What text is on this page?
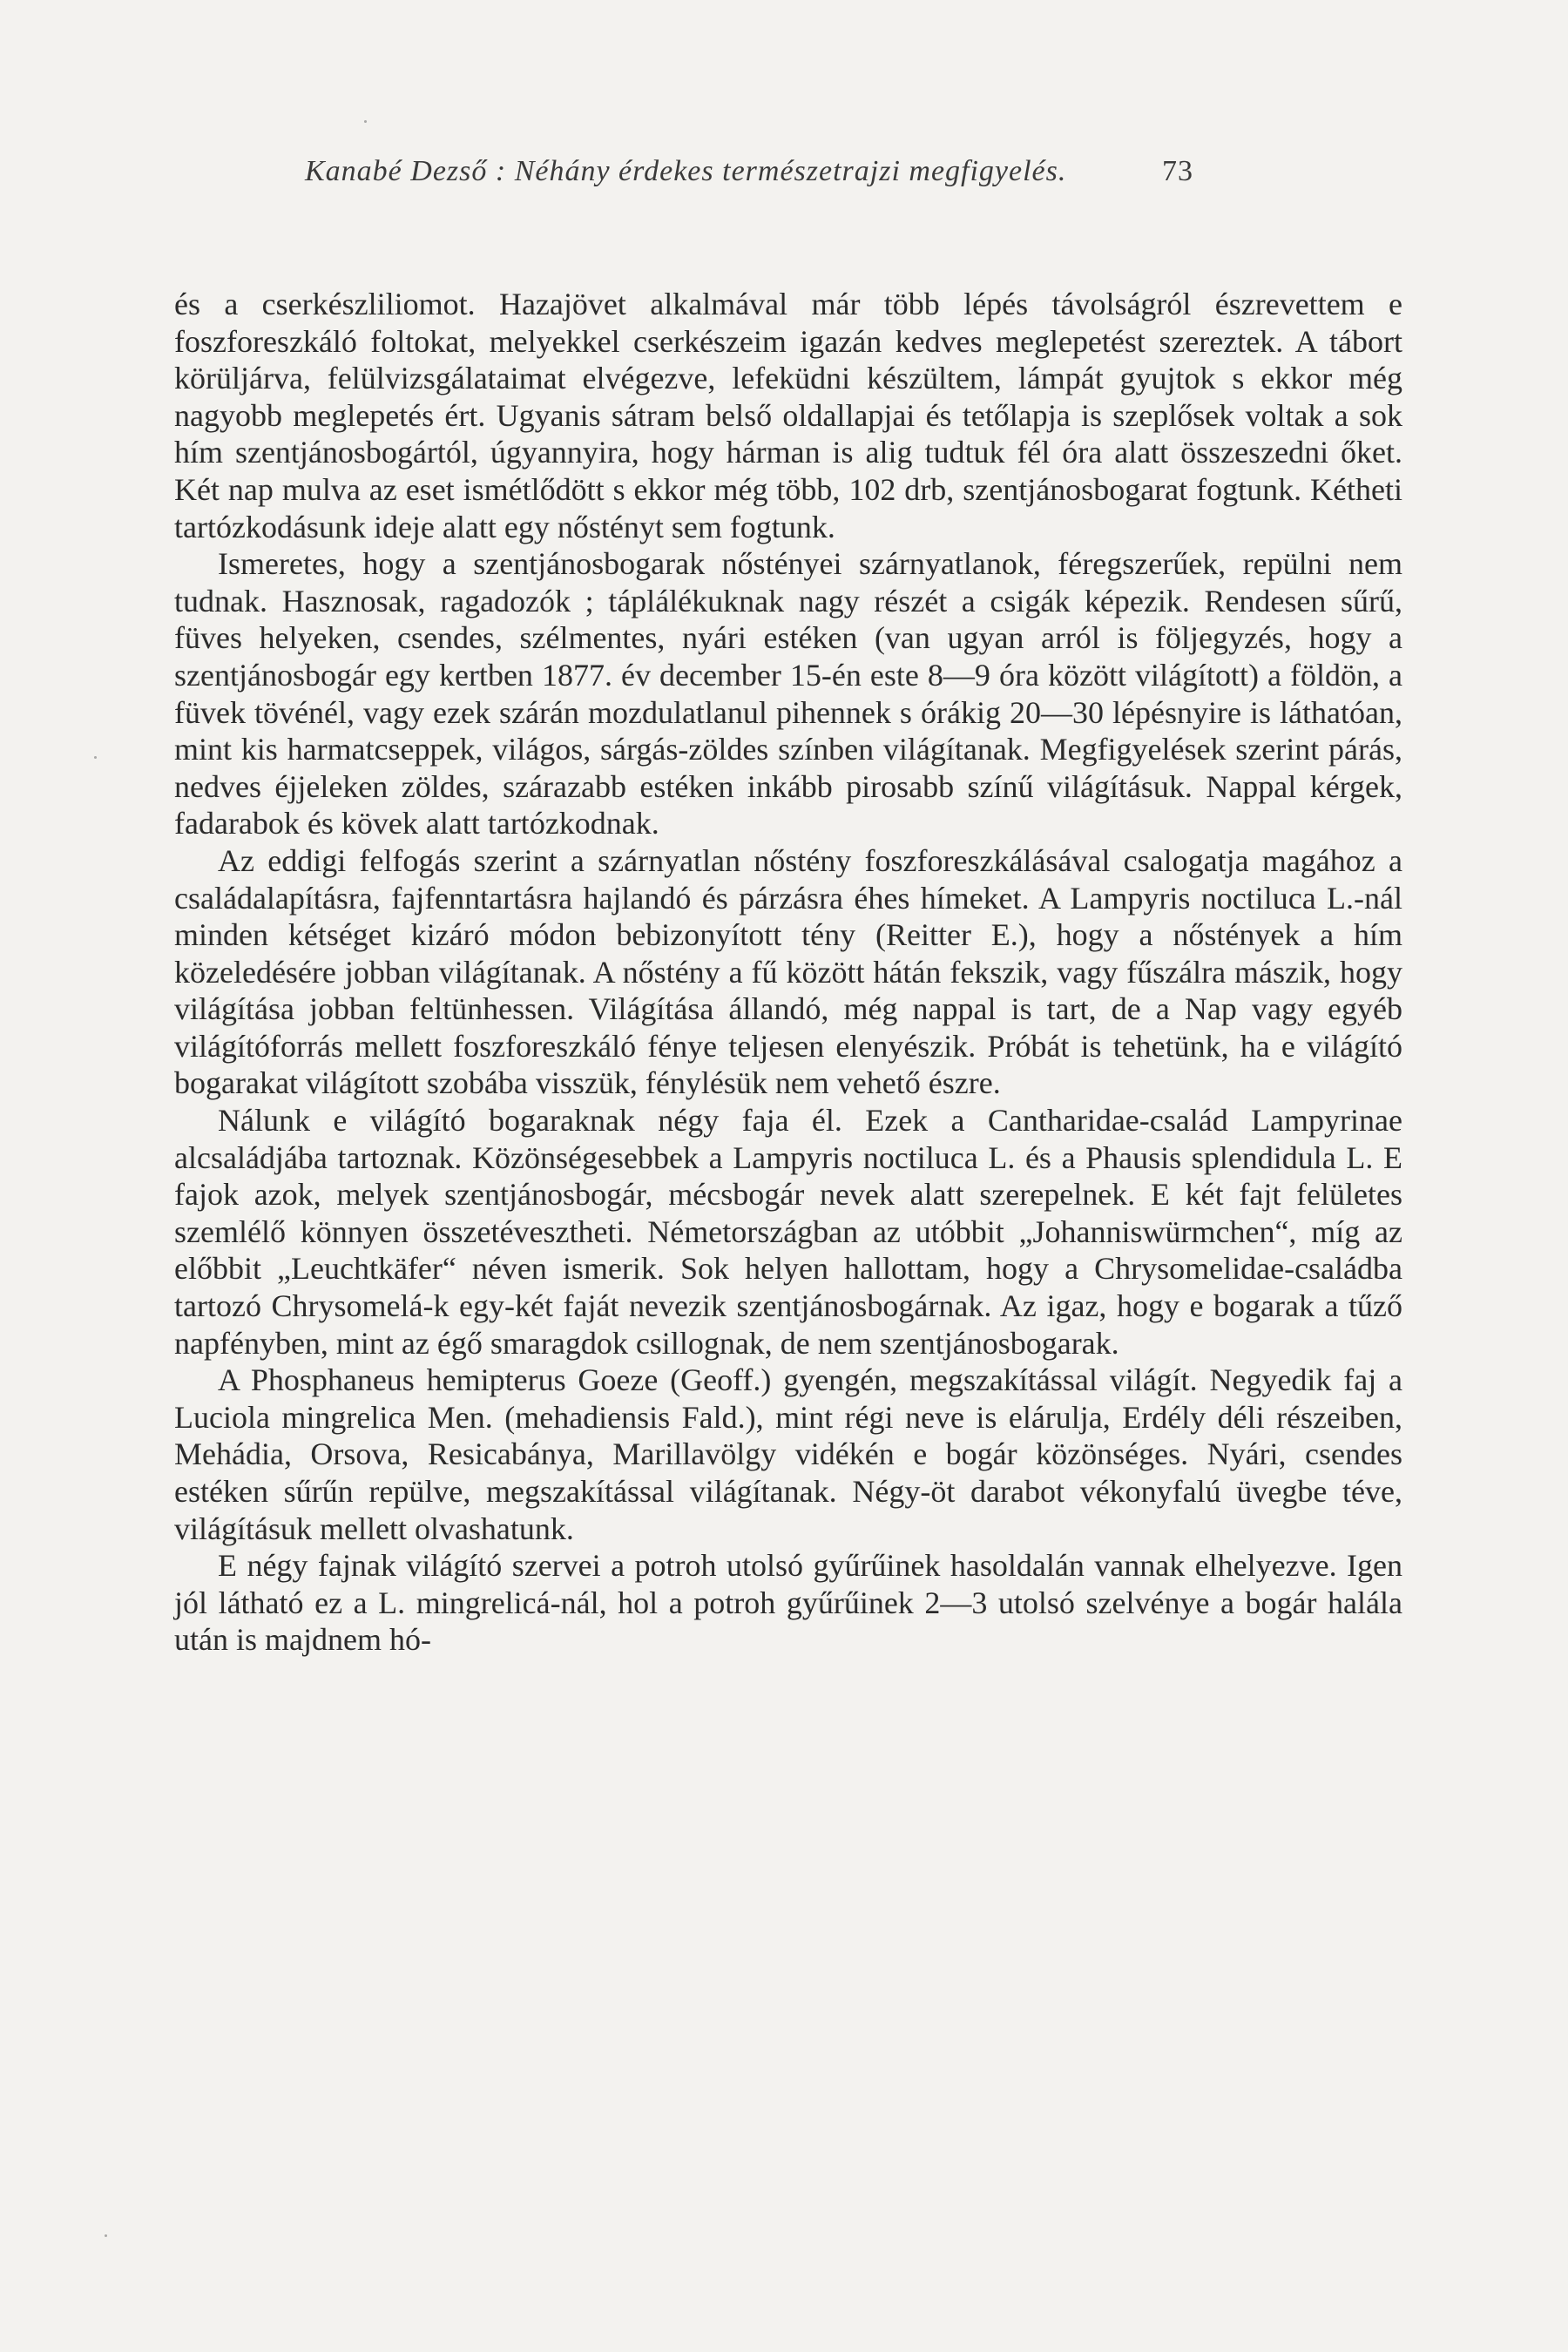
Kanabé Dezső : Néhány érdekes természetrajzi megfigyelés.	73

és a cserkészliliomot. Hazajövet alkalmával már több lépés távolságról észrevettem e foszforeszkáló foltokat, melyekkel cserkészeim igazán kedves meglepetést szereztek. A tábort körüljárva, felülvizsgálataimat elvégezve, lefeküdni készültem, lámpát gyujtok s ekkor még nagyobb meglepetés ért. Ugyanis sátram belső oldallapjai és tetőlapja is szeplősek voltak a sok hím szentjánosbogártól, úgyannyira, hogy hárman is alig tudtuk fél óra alatt összeszedni őket. Két nap mulva az eset ismétlődött s ekkor még több, 102 drb, szentjánosbogarat fogtunk. Kétheti tartózkodásunk ideje alatt egy nőstényt sem fogtunk.

Ismeretes, hogy a szentjánosbogarak nőstényei szárnyatlanok, féregszerűek, repülni nem tudnak. Hasznosak, ragadozók ; táplálékuknak nagy részét a csigák képezik. Rendesen sűrű, füves helyeken, csendes, szélmentes, nyári estéken (van ugyan arról is följegyzés, hogy a szentjánosbogár egy kertben 1877. év december 15-én este 8—9 óra között világított) a földön, a füvek tövénél, vagy ezek szárán mozdulatlanul pihennek s órákig 20—30 lépésnyire is láthatóan, mint kis harmatcseppek, világos, sárgás-zöldes színben világítanak. Megfigyelések szerint párás, nedves éjjeleken zöldes, szárazabb estéken inkább pirosabb színű világításuk. Nappal kérgek, fadarabok és kövek alatt tartózkodnak.

Az eddigi felfogás szerint a szárnyatlan nőstény foszforeszkálásával csalogatja magához a családalapításra, fajfenntartásra hajlandó és párzásra éhes hímeket. A Lampyris noctiluca L.-nál minden kétséget kizáró módon bebizonyított tény (Reitter E.), hogy a nőstények a hím közeledésére jobban világítanak. A nőstény a fű között hátán fekszik, vagy fűszálra mászik, hogy világítása jobban feltünhessen. Világítása állandó, még nappal is tart, de a Nap vagy egyéb világítóforrás mellett foszforeszkáló fénye teljesen elenyészik. Próbát is tehetünk, ha e világító bogarakat világított szobába visszük, fénylésük nem vehető észre.

Nálunk e világító bogaraknak négy faja él. Ezek a Cantharidae-család Lampyrinae alcsaládjába tartoznak. Közönségesebbek a Lampyris noctiluca L. és a Phausis splendidula L. E fajok azok, melyek szentjánosbogár, mécsbogár nevek alatt szerepelnek. E két fajt felületes szemlélő könnyen összetévesztheti. Németországban az utóbbit „Johanniswürmchen“, míg az előbbit „Leuchtkäfer“ néven ismerik. Sok helyen hallottam, hogy a Chrysomelidae-családba tartozó Chrysomelá-k egy-két faját nevezik szentjánosbogárnak. Az igaz, hogy e bogarak a tűző napfényben, mint az égő smaragdok csillognak, de nem szentjánosbogarak.

A Phosphaneus hemipterus Goeze (Geoff.) gyengén, megszakítással világít. Negyedik faj a Luciola mingrelica Men. (mehadiensis Fald.), mint régi neve is elárulja, Erdély déli részeiben, Mehádia, Orsova, Resicabánya, Marillavölgy vidékén e bogár közönséges. Nyári, csendes estéken sűrűn repülve, megszakítással világítanak. Négy-öt darabot vékonyfalú üvegbe téve, világításuk mellett olvashatunk.

E négy fajnak világító szervei a potroh utolsó gyűrűinek hasoldalán vannak elhelyezve. Igen jól látható ez a L. mingrelicá-nál, hol a potroh gyűrűinek 2—3 utolsó szelvénye a bogár halála után is majdnem hó-
